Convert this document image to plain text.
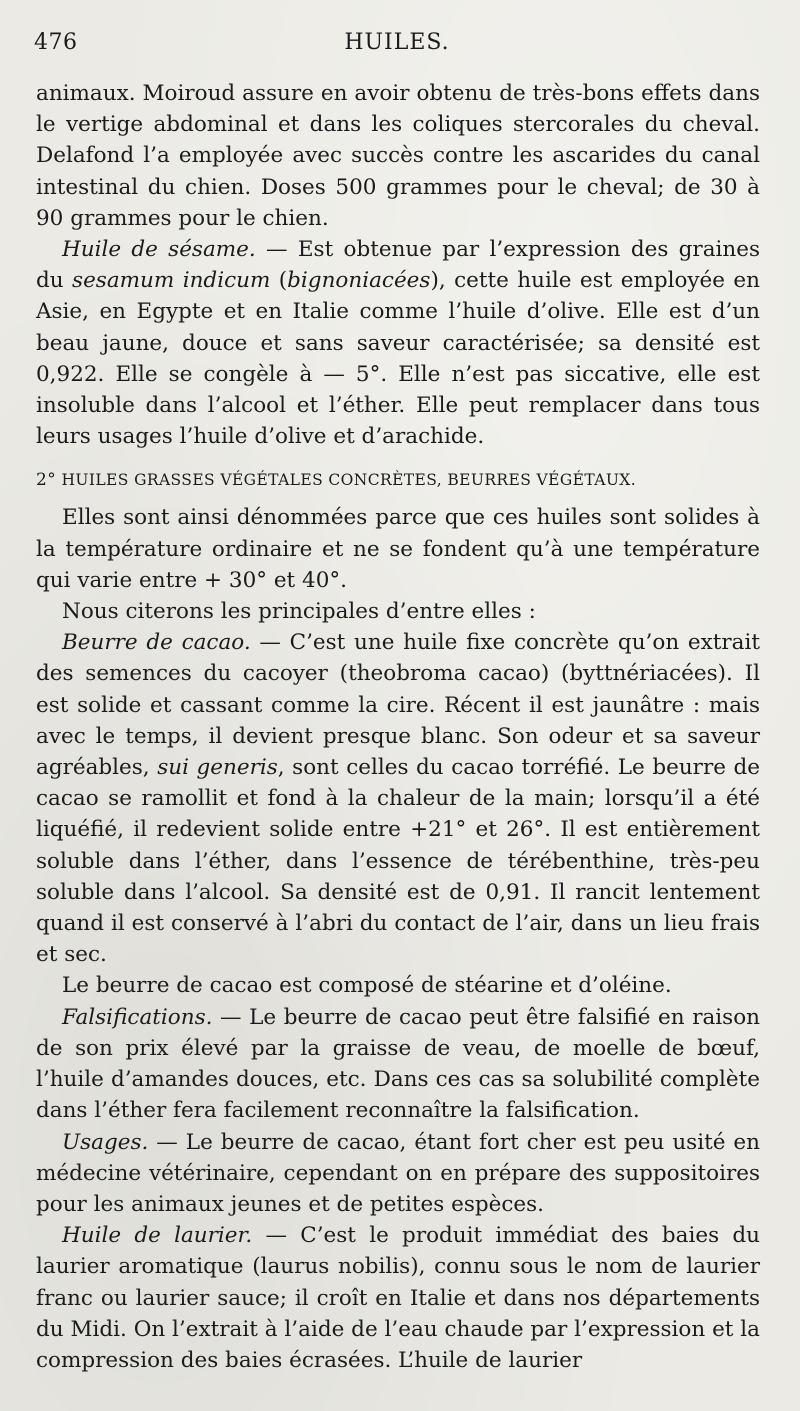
476	HUILES.

animaux. Moiroud assure en avoir obtenu de très-bons effets dans le vertige abdominal et dans les coliques stercorales du cheval. Delafond l’a employée avec succès contre les ascarides du canal intestinal du chien. Doses 500 grammes pour le cheval; de 30 à 90 grammes pour le chien.

Huile de sésame. — Est obtenue par l’expression des graines du sesamum indicum (bignoniacées), cette huile est employée en Asie, en Egypte et en Italie comme l’huile d’olive. Elle est d’un beau jaune, douce et sans saveur caractérisée; sa densité est 0,922. Elle se congèle à — 5°. Elle n’est pas siccative, elle est insoluble dans l’alcool et l’éther. Elle peut remplacer dans tous leurs usages l’huile d’olive et d’arachide.

2° HUILES GRASSES VÉGÉTALES CONCRÈTES, BEURRES VÉGÉTAUX.

Elles sont ainsi dénommées parce que ces huiles sont solides à la température ordinaire et ne se fondent qu’à une température qui varie entre + 30° et 40°.

Nous citerons les principales d’entre elles :

Beurre de cacao. — C’est une huile fixe concrète qu’on extrait des semences du cacoyer (theobroma cacao) (byttnériacées). Il est solide et cassant comme la cire. Récent il est jaunâtre : mais avec le temps, il devient presque blanc. Son odeur et sa saveur agréables, sui generis, sont celles du cacao torréfié. Le beurre de cacao se ramollit et fond à la chaleur de la main; lorsqu’il a été liquéfié, il redevient solide entre +21° et 26°. Il est entièrement soluble dans l’éther, dans l’essence de térébenthine, très-peu soluble dans l’alcool. Sa densité est de 0,91. Il rancit lentement quand il est conservé à l’abri du contact de l’air, dans un lieu frais et sec.

Le beurre de cacao est composé de stéarine et d’oléine.

Falsifications. — Le beurre de cacao peut être falsifié en raison de son prix élevé par la graisse de veau, de moelle de bœuf, l’huile d’amandes douces, etc. Dans ces cas sa solubilité complète dans l’éther fera facilement reconnaître la falsification.

Usages. — Le beurre de cacao, étant fort cher est peu usité en médecine vétérinaire, cependant on en prépare des suppositoires pour les animaux jeunes et de petites espèces.

Huile de laurier. — C’est le produit immédiat des baies du laurier aromatique (laurus nobilis), connu sous le nom de laurier franc ou laurier sauce; il croît en Italie et dans nos départements du Midi. On l’extrait à l’aide de l’eau chaude par l’expression et la compression des baies écrasées. L’huile de laurier
